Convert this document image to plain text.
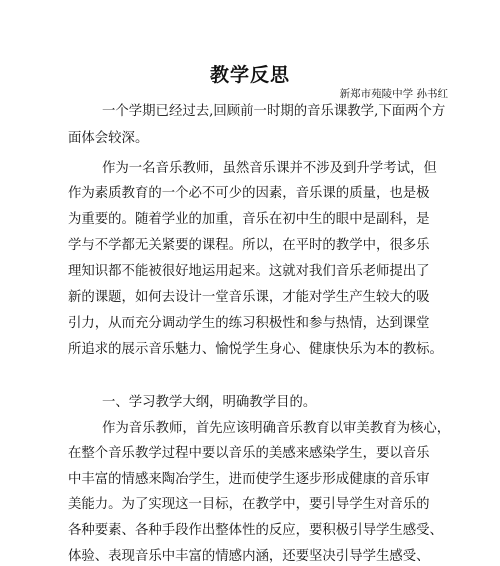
教学反思
新郑市苑陵中学 孙书红
一个学期已经过去,回顾前一时期的音乐课教学,下面两个方
面体会较深。
作为一名音乐教师，虽然音乐课并不涉及到升学考试，但
作为素质教育的一个必不可少的因素，音乐课的质量，也是极
为重要的。随着学业的加重，音乐在初中生的眼中是副科，是
学与不学都无关紧要的课程。所以，在平时的教学中，很多乐
理知识都不能被很好地运用起来。这就对我们音乐老师提出了
新的课题，如何去设计一堂音乐课，才能对学生产生较大的吸
引力，从而充分调动学生的练习积极性和参与热情，达到课堂
所追求的展示音乐魅力、愉悦学生身心、健康快乐为本的教标。
一、学习教学大纲，明确教学目的。
作为音乐教师，首先应该明确音乐教育以审美教育为核心，
在整个音乐教学过程中要以音乐的美感来感染学生，要以音乐
中丰富的情感来陶冶学生，进而使学生逐步形成健康的音乐审
美能力。为了实现这一目标，在教学中，要引导学生对音乐的
各种要素、各种手段作出整体性的反应，要积极引导学生感受、
体验、表现音乐中丰富的情感内涵，还要坚决引导学生感受、
